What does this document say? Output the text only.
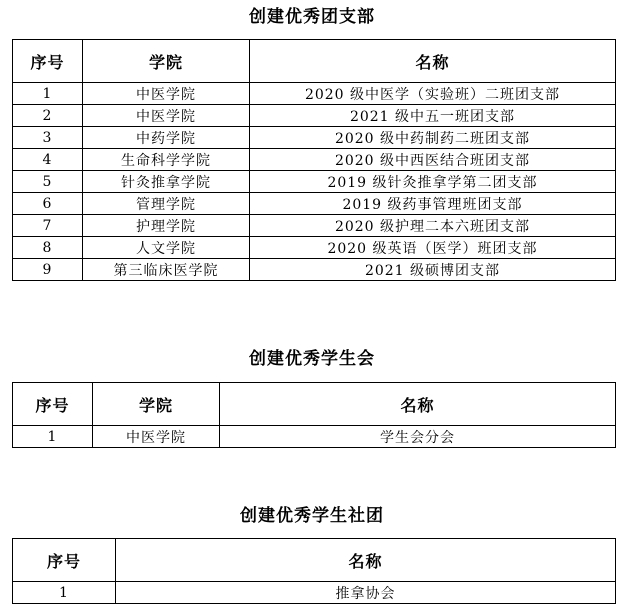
创建优秀团支部
序号	学院	名称
1	中医学院	2020 级中医学（实验班）二班团支部
2	中医学院	2021 级中五一班团支部
3	中药学院	2020 级中药制药二班团支部
4	生命科学学院	2020 级中西医结合班团支部
5	针灸推拿学院	2019 级针灸推拿学第二团支部
6	管理学院	2019 级药事管理班团支部
7	护理学院	2020 级护理二本六班团支部
8	人文学院	2020 级英语（医学）班团支部
9	第三临床医学院	2021 级硕博团支部
创建优秀学生会
序号	学院	名称
1	中医学院	学生会分会
创建优秀学生社团
序号	名称
1	推拿协会
